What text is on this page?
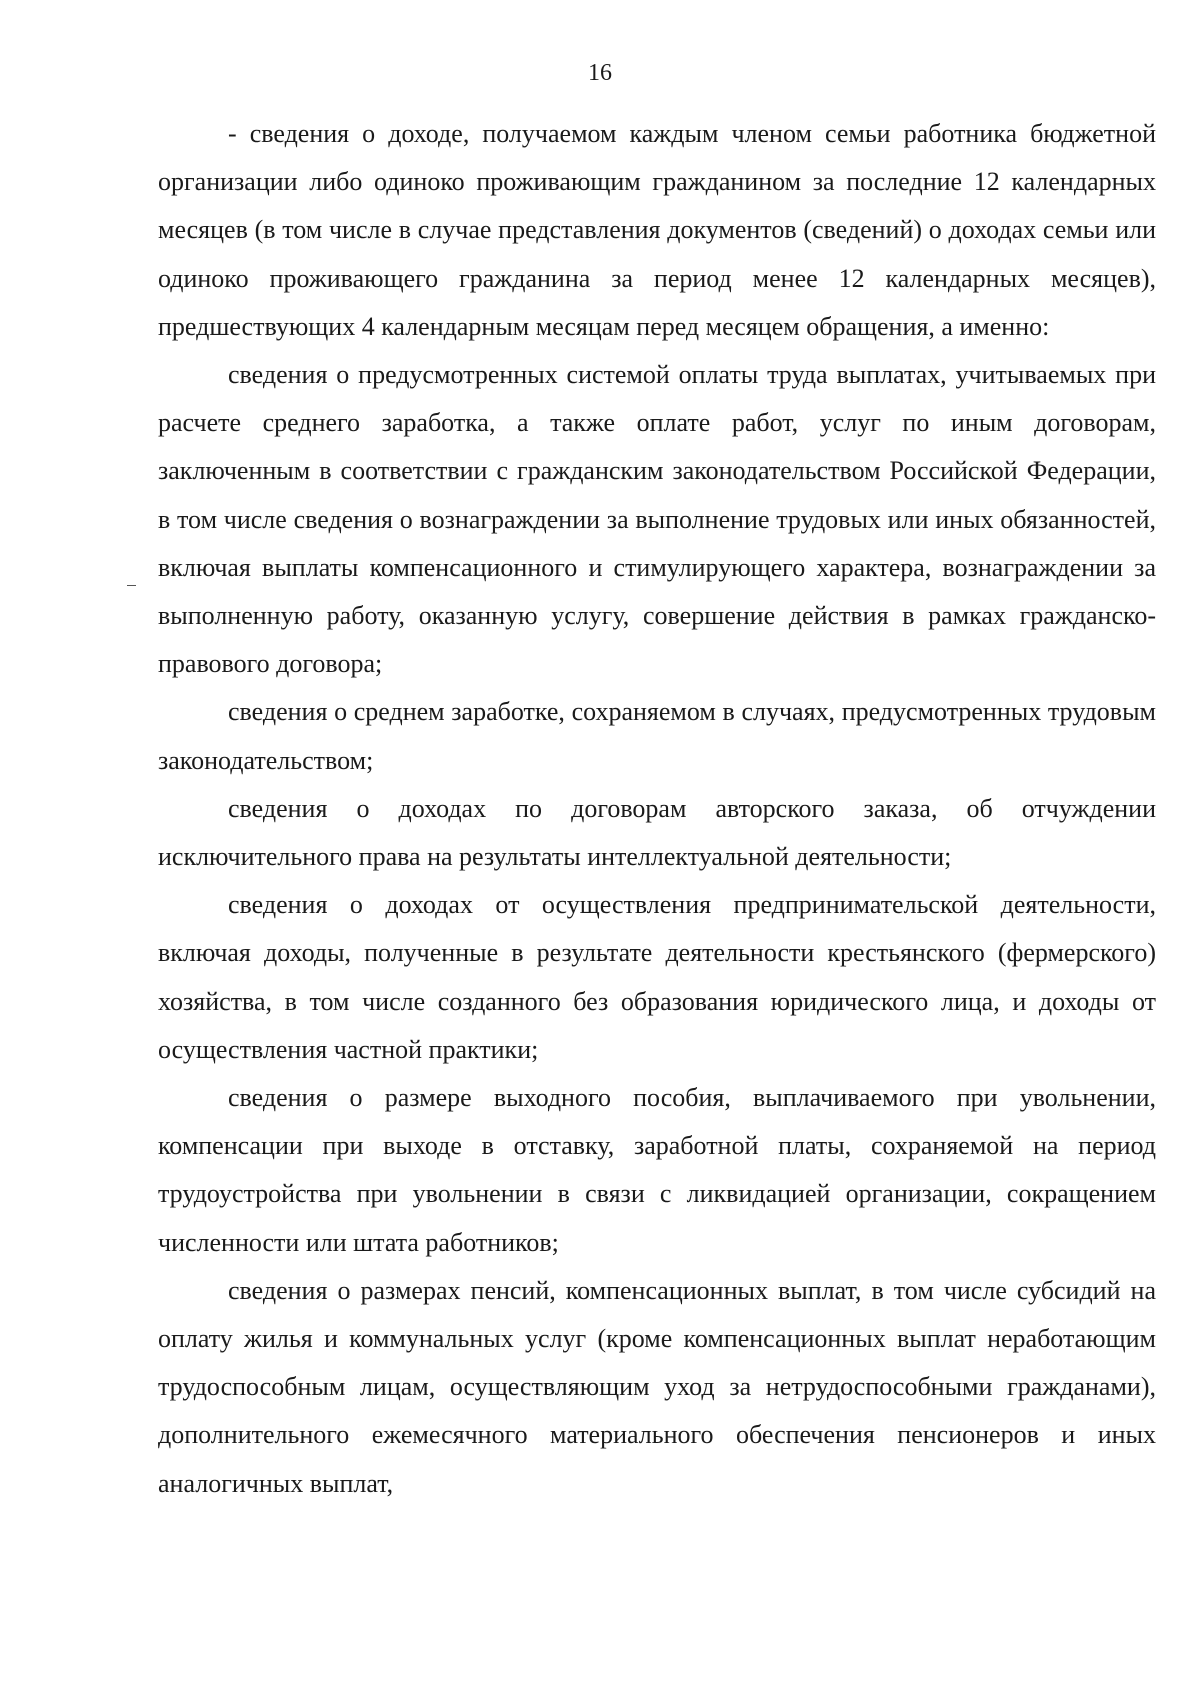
16

- сведения о доходе, получаемом каждым членом семьи работника бюджетной организации либо одиноко проживающим гражданином за последние 12 календарных месяцев (в том числе в случае представления документов (сведений) о доходах семьи или одиноко проживающего гражданина за период менее 12 календарных месяцев), предшествующих 4 календарным месяцам перед месяцем обращения, а именно:

сведения о предусмотренных системой оплаты труда выплатах, учитываемых при расчете среднего заработка, а также оплате работ, услуг по иным договорам, заключенным в соответствии с гражданским законодательством Российской Федерации, в том числе сведения о вознаграждении за выполнение трудовых или иных обязанностей, включая выплаты компенсационного и стимулирующего характера, вознаграждении за выполненную работу, оказанную услугу, совершение действия в рамках гражданско-правового договора;

сведения о среднем заработке, сохраняемом в случаях, предусмотренных трудовым законодательством;

сведения о доходах по договорам авторского заказа, об отчуждении исключительного права на результаты интеллектуальной деятельности;

сведения о доходах от осуществления предпринимательской деятельности, включая доходы, полученные в результате деятельности крестьянского (фермерского) хозяйства, в том числе созданного без образования юридического лица, и доходы от осуществления частной практики;

сведения о размере выходного пособия, выплачиваемого при увольнении, компенсации при выходе в отставку, заработной платы, сохраняемой на период трудоустройства при увольнении в связи с ликвидацией организации, сокращением численности или штата работников;

сведения о размерах пенсий, компенсационных выплат, в том числе субсидий на оплату жилья и коммунальных услуг (кроме компенсационных выплат неработающим трудоспособным лицам, осуществляющим уход за нетрудоспособными гражданами), дополнительного ежемесячного материального обеспечения пенсионеров и иных аналогичных выплат,
